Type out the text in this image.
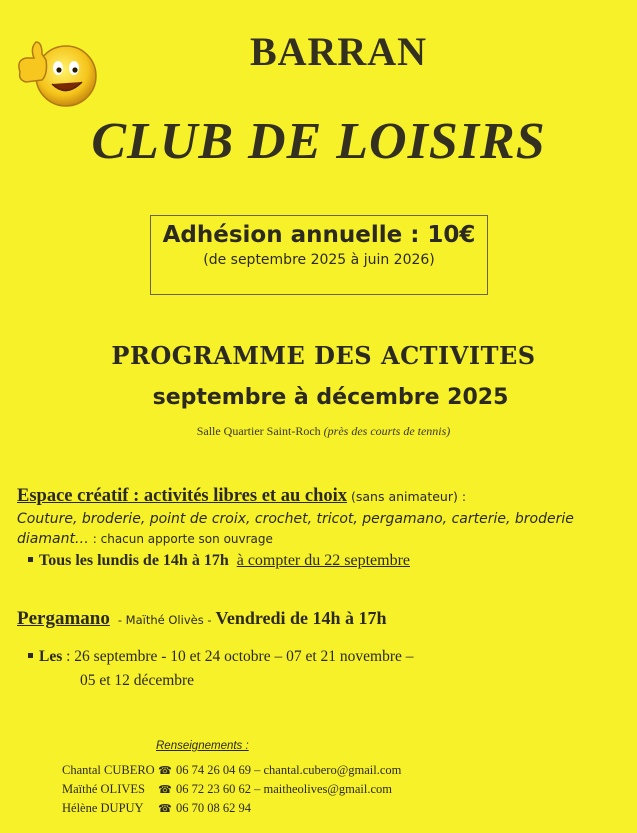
BARRAN
CLUB DE LOISIRS
Adhésion annuelle : 10€
(de septembre 2025 à juin 2026)
PROGRAMME DES ACTIVITES
septembre à décembre 2025
Salle Quartier Saint-Roch (près des courts de tennis)
Espace créatif : activités libres et au choix (sans animateur) :
Couture, broderie, point de croix, crochet, tricot, pergamano, carterie, broderie diamant… : chacun apporte son ouvrage
Tous les lundis de 14h à 17h à compter du 22 septembre
Pergamano - Maïthé Olivès - Vendredi de 14h à 17h
Les : 26 septembre - 10 et 24 octobre – 07 et 21 novembre –
05 et 12 décembre
Renseignements :
Chantal CUBERO ☎ 06 74 26 04 69 – chantal.cubero@gmail.com
Maïthé OLIVES ☎ 06 72 23 60 62 – maitheolives@gmail.com
Hélène DUPUY ☎ 06 70 08 62 94
